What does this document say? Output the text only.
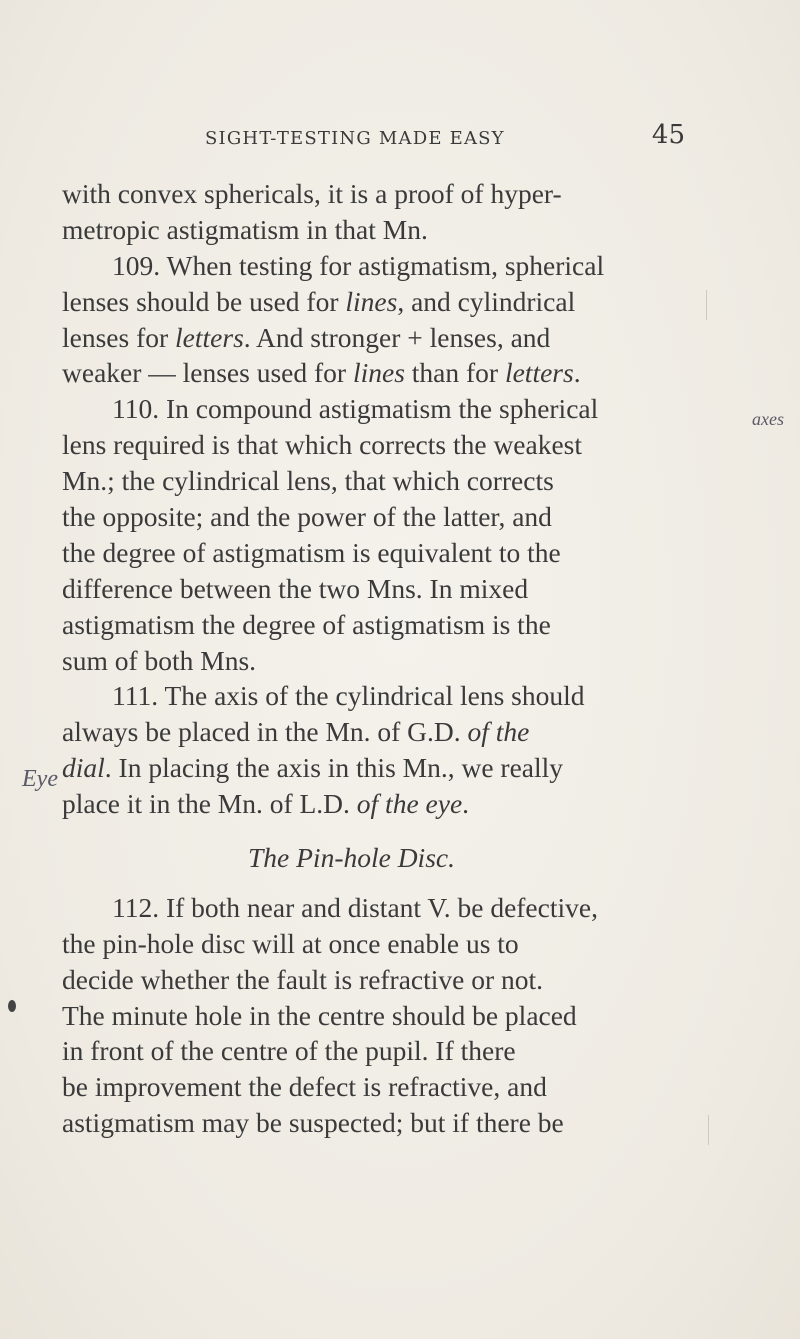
SIGHT-TESTING MADE EASY	45
with convex sphericals, it is a proof of hyper-
metropic astigmatism in that Mn.
109. When testing for astigmatism, spherical
lenses should be used for lines, and cylindrical
lenses for letters. And stronger + lenses, and
weaker — lenses used for lines than for letters.
110. In compound astigmatism the spherical
lens required is that which corrects the weakest
Mn.; the cylindrical lens, that which corrects
the opposite; and the power of the latter, and
the degree of astigmatism is equivalent to the
difference between the two Mns. In mixed
astigmatism the degree of astigmatism is the
sum of both Mns.
111. The axis of the cylindrical lens should
always be placed in the Mn. of G.D. of the
dial. In placing the axis in this Mn., we really
place it in the Mn. of L.D. of the eye.
The Pin-hole Disc.
112. If both near and distant V. be defective,
the pin-hole disc will at once enable us to
decide whether the fault is refractive or not.
The minute hole in the centre should be placed
in front of the centre of the pupil. If there
be improvement the defect is refractive, and
astigmatism may be suspected; but if there be
Eye
axes
